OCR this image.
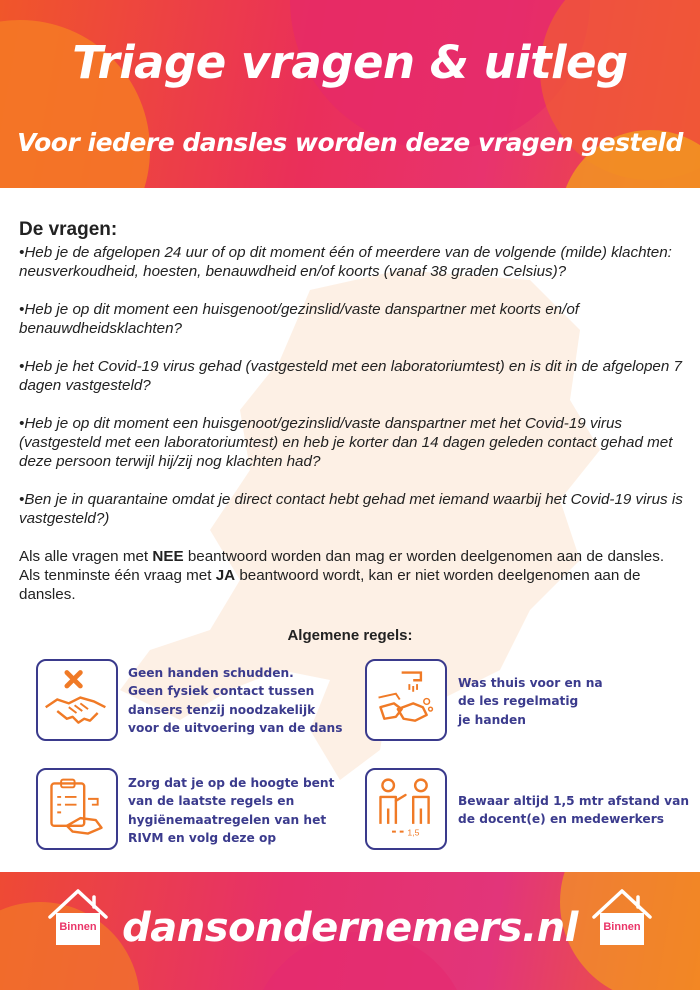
Triage vragen & uitleg
Voor iedere dansles worden deze vragen gesteld
De vragen:

•Heb je de afgelopen 24 uur of op dit moment één of meerdere van de volgende (milde) klachten: neusverkoudheid, hoesten, benauwdheid en/of koorts (vanaf 38 graden Celsius)?

•Heb je op dit moment een huisgenoot/gezinslid/vaste danspartner met koorts en/of benauwdheidsklachten?

•Heb je het Covid-19 virus gehad (vastgesteld met een laboratoriumtest) en is dit in de afgelopen 7 dagen vastgesteld?

•Heb je op dit moment een huisgenoot/gezinslid/vaste danspartner met het Covid-19 virus (vastgesteld met een laboratoriumtest) en heb je korter dan 14 dagen geleden contact gehad met deze persoon terwijl hij/zij nog klachten had?

•Ben je in quarantaine omdat je direct contact hebt gehad met iemand waarbij het Covid-19 virus is vastgesteld?)

Als alle vragen met NEE beantwoord worden dan mag er worden deelgenomen aan de dansles.

Als tenminste één vraag met JA beantwoord wordt, kan er niet worden deelgenomen aan de dansles.

Algemene regels:
Geen handen schudden.
Geen fysiek contact tussen
dansers tenzij noodzakelijk
voor de uitvoering van de dans
Was thuis voor en na
de les regelmatig
je handen
Zorg dat je op de hoogte bent
van de laatste regels en
hygiënemaatregelen van het
RIVM en volg deze op	1,5
Bewaar altijd 1,5 mtr afstand van
de docent(e) en medewerkers
Binnen dansondernemers.nl	Binnen
